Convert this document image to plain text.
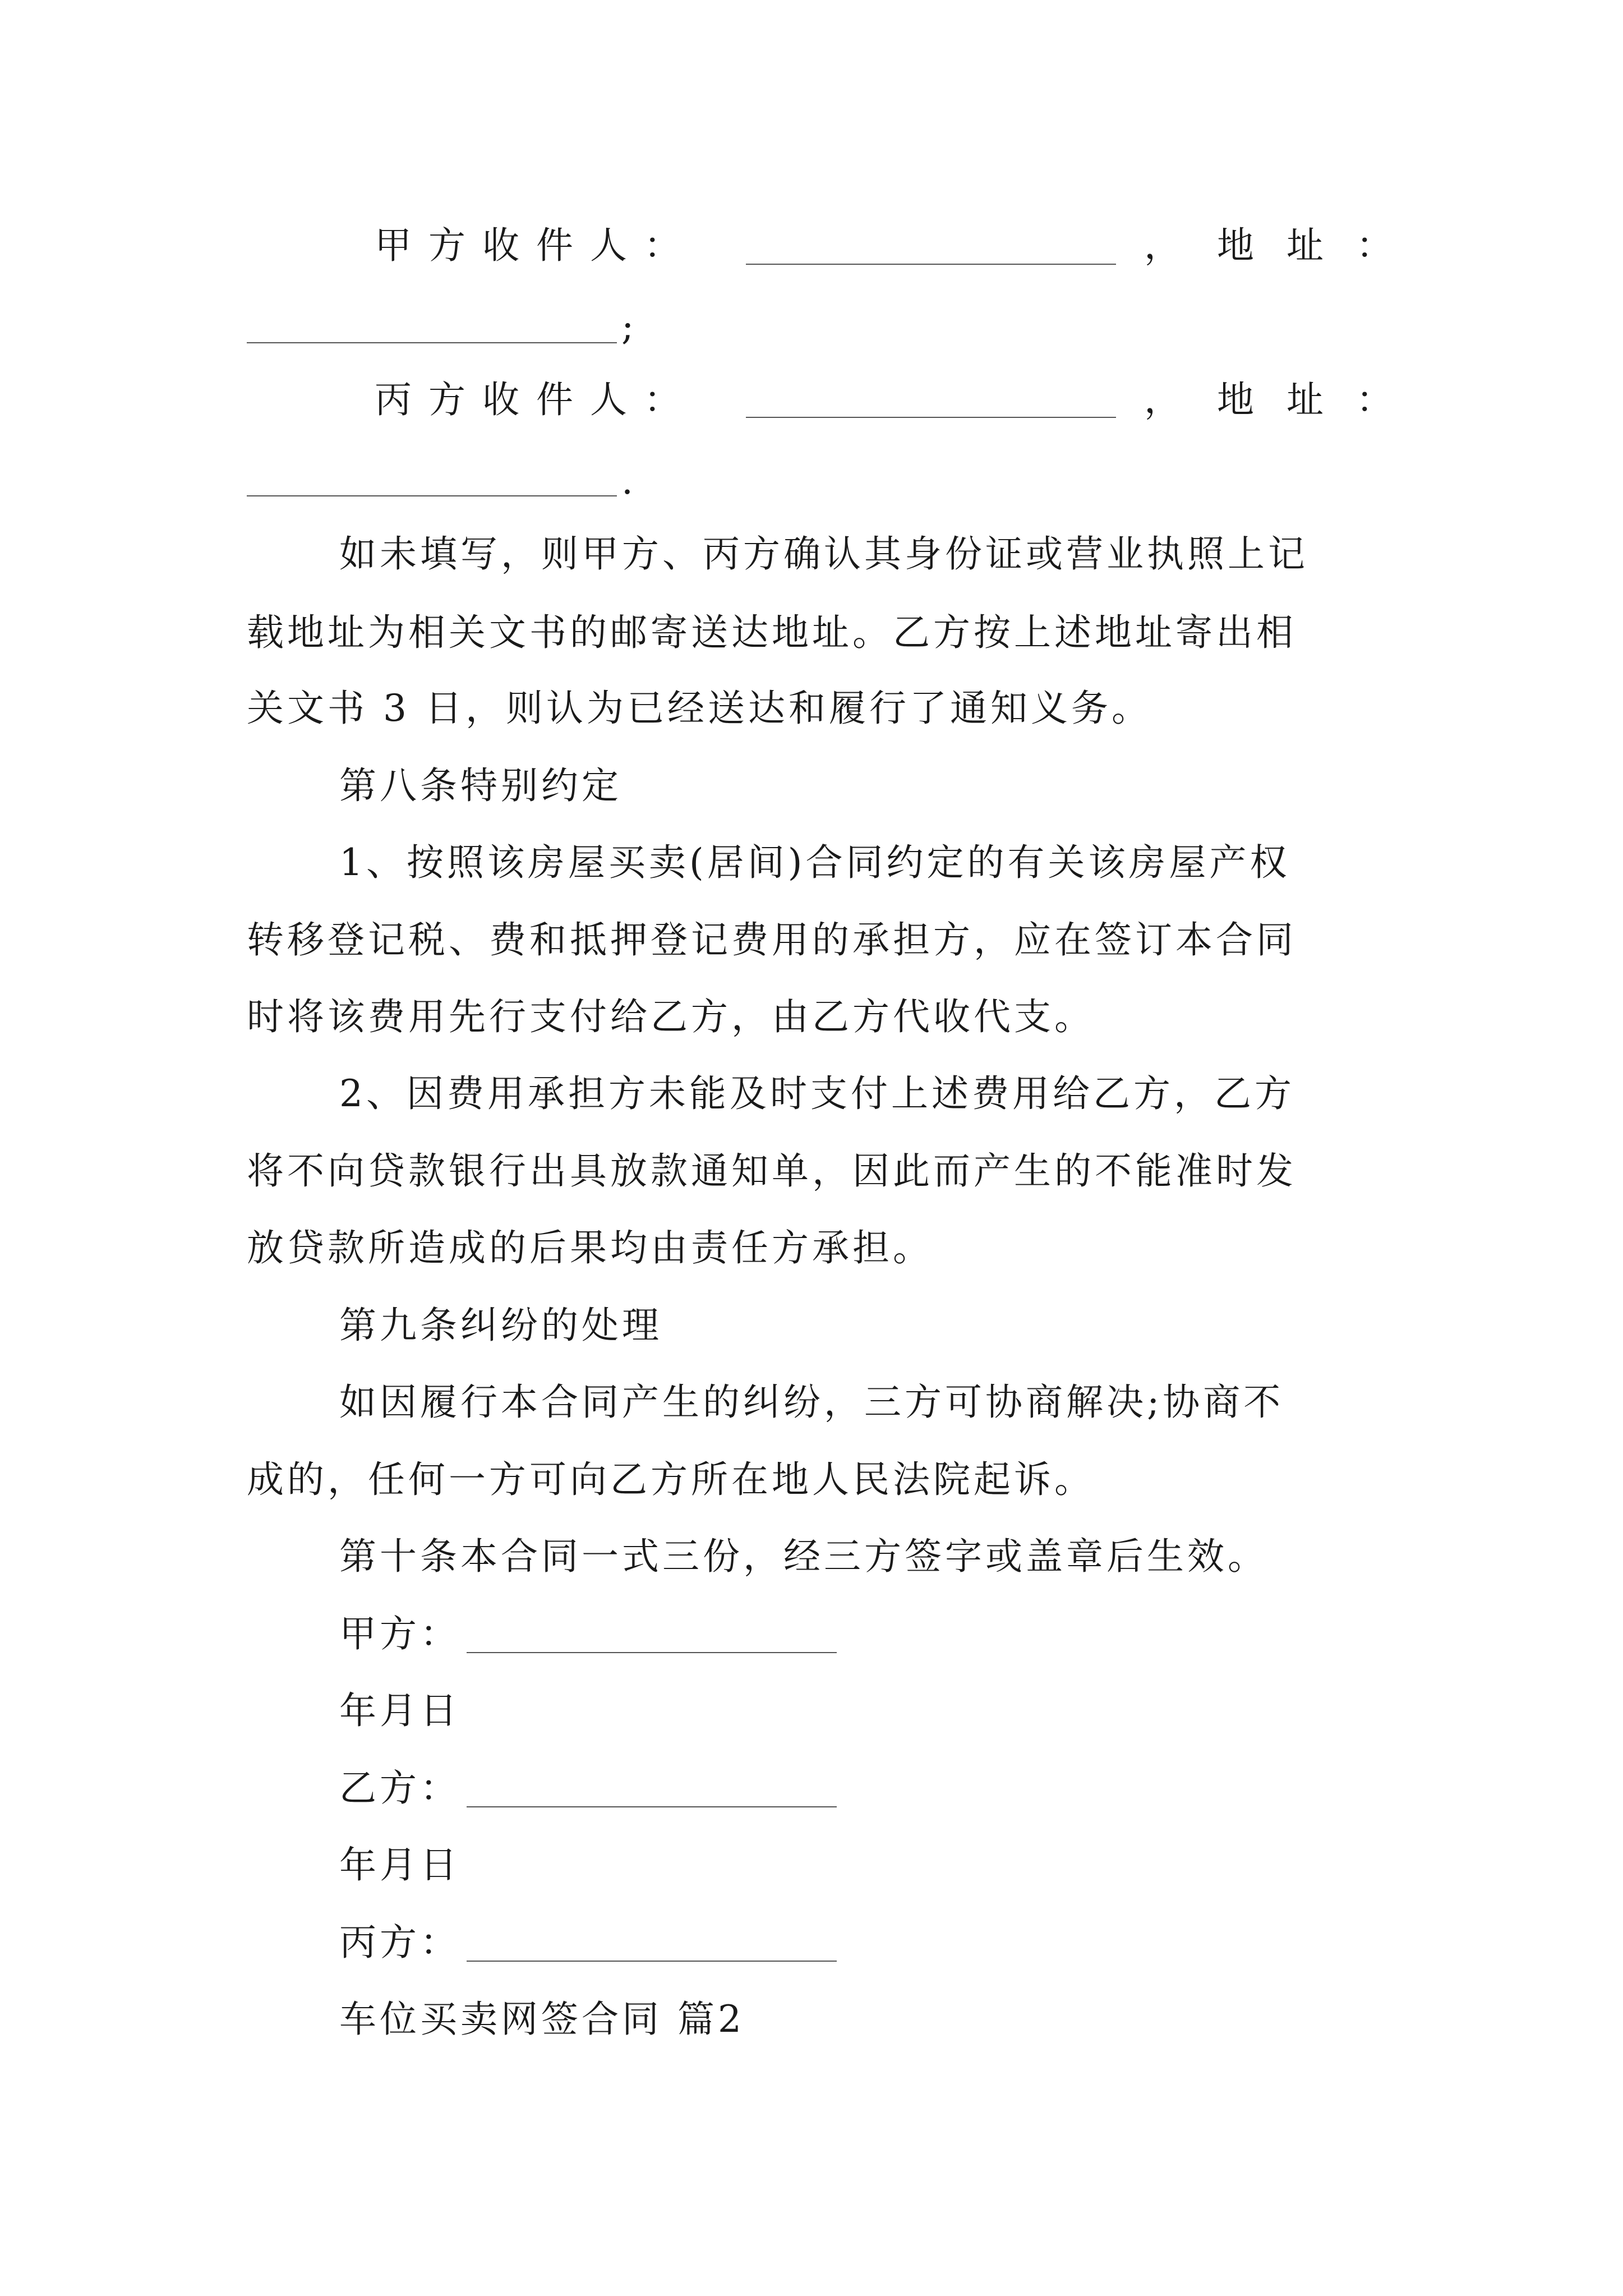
甲方收件人：	， 地址：
;
丙方收件人：	， 地址：
.
如未填写，则甲方、丙方确认其身份证或营业执照上记
载地址为相关文书的邮寄送达地址。乙方按上述地址寄出相
关文书 3 日，则认为已经送达和履行了通知义务。
第八条特别约定
1、按照该房屋买卖(居间)合同约定的有关该房屋产权
转移登记税、费和抵押登记费用的承担方，应在签订本合同
时将该费用先行支付给乙方，由乙方代收代支。
2、因费用承担方未能及时支付上述费用给乙方，乙方
将不向贷款银行出具放款通知单，因此而产生的不能准时发
放贷款所造成的后果均由责任方承担。
第九条纠纷的处理
如因履行本合同产生的纠纷，三方可协商解决;协商不
成的，任何一方可向乙方所在地人民法院起诉。
第十条本合同一式三份，经三方签字或盖章后生效。
甲方：
年月日
乙方：
年月日
丙方：
车位买卖网签合同 篇2
